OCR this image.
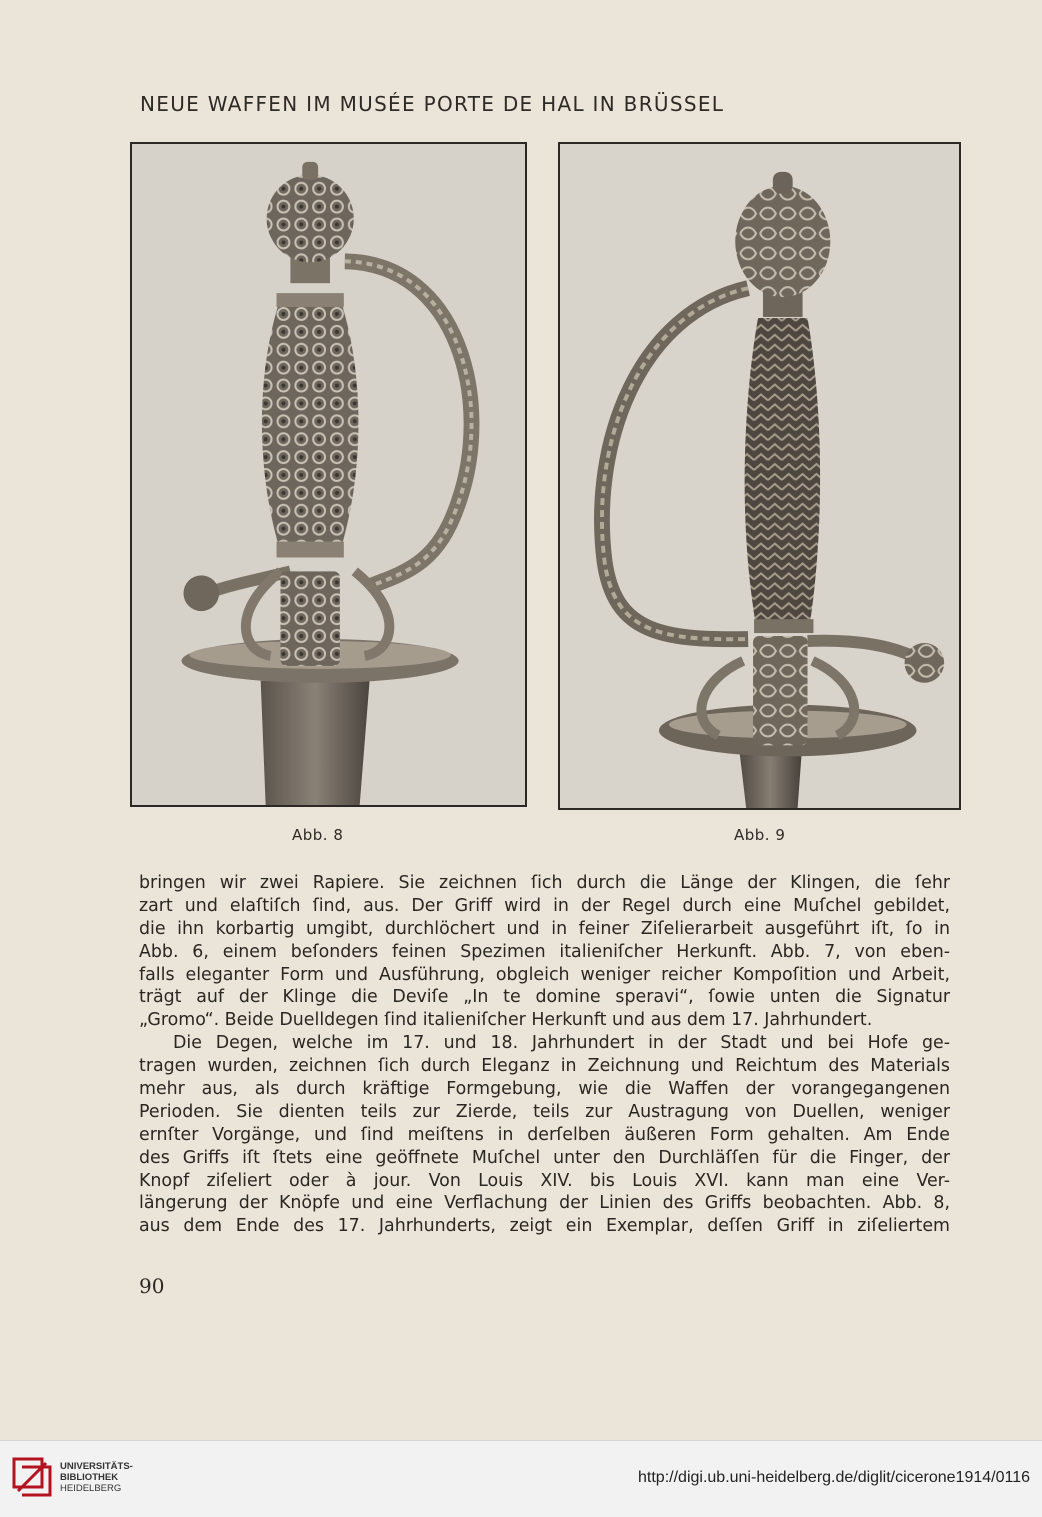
NEUE WAFFEN IM MUSÉE PORTE DE HAL IN BRÜSSEL
Abb. 8	Abb. 9
bringen wir zwei Rapiere. Sie zeichnen ſich durch die Länge der Klingen, die ſehr
zart und elaſtiſch ſind, aus. Der Griff wird in der Regel durch eine Muſchel gebildet,
die ihn korbartig umgibt, durchlöchert und in feiner Ziſelierarbeit ausgeführt iſt, ſo in
Abb. 6, einem beſonders feinen Spezimen italieniſcher Herkunft. Abb. 7, von eben-
falls eleganter Form und Ausführung, obgleich weniger reicher Kompoſition und Arbeit,
trägt auf der Klinge die Deviſe „In te domine speravi“, ſowie unten die Signatur
„Gromo“. Beide Duelldegen ſind italieniſcher Herkunft und aus dem 17. Jahrhundert.
Die Degen, welche im 17. und 18. Jahrhundert in der Stadt und bei Hofe ge-
tragen wurden, zeichnen ſich durch Eleganz in Zeichnung und Reichtum des Materials
mehr aus, als durch kräftige Formgebung, wie die Waffen der vorangegangenen
Perioden. Sie dienten teils zur Zierde, teils zur Austragung von Duellen, weniger
ernſter Vorgänge, und ſind meiſtens in derſelben äußeren Form gehalten. Am Ende
des Griffs iſt ſtets eine geöffnete Muſchel unter den Durchläſſen für die Finger, der
Knopf ziſeliert oder à jour. Von Louis XIV. bis Louis XVI. kann man eine Ver-
längerung der Knöpfe und eine Verflachung der Linien des Griffs beobachten. Abb. 8,
aus dem Ende des 17. Jahrhunderts, zeigt ein Exemplar, deſſen Griff in ziſeliertem
90
UNIVERSITÄTS-
BIBLIOTHEK
HEIDELBERG
http://digi.ub.uni-heidelberg.de/diglit/cicerone1914/0116
